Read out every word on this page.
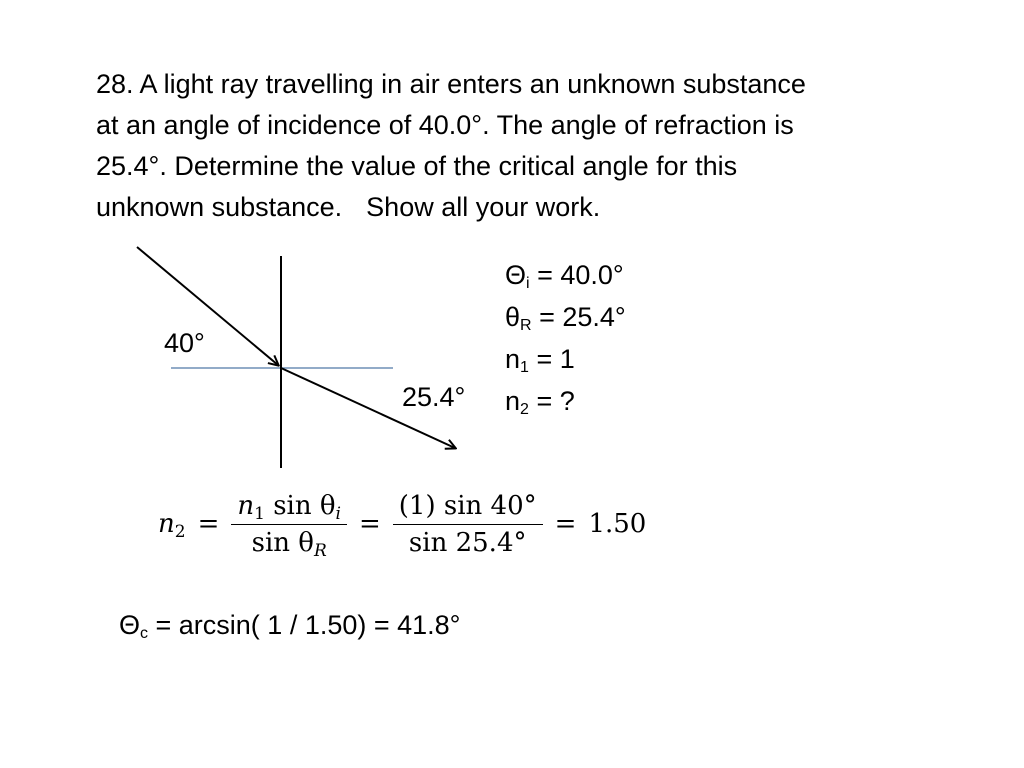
28. A light ray travelling in air enters an unknown substance
at an angle of incidence of 40.0°. The angle of refraction is
25.4°. Determine the value of the critical angle for this
unknown substance. Show all your work.

40°
25.4°
$\Theta_i = 40.0^\circ$
$\theta_R = 25.4^\circ$
$n_1 = 1$
$n_2$ = ?
$n2 = \frac{\text{n1 sin θi}}{\text{sin θR}} = \frac{(1) \sin 40^\circ}{\sin 25.4^\circ} = 1.50$
$\Theta_c = \arcsin$( 1 / 1.50) = 41.8°
